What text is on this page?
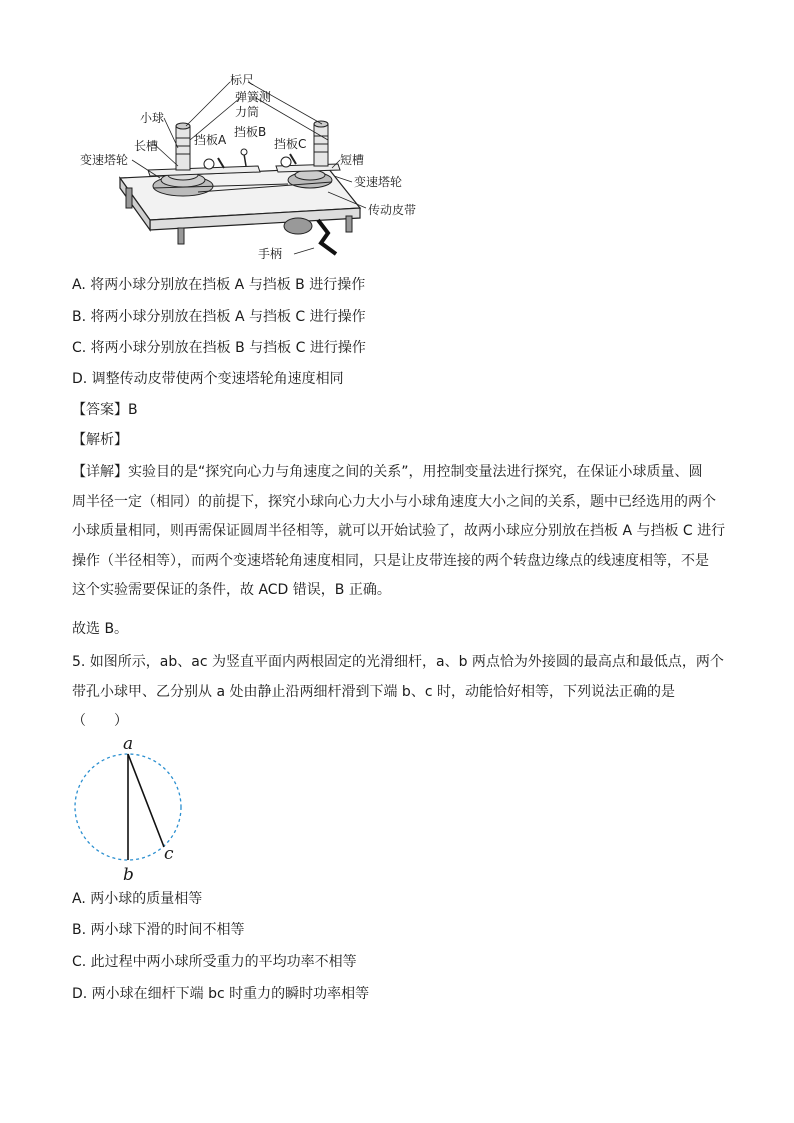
标尺
弹簧测
力筒
小球
挡板A
挡板B
挡板C
长槽
短槽
变速塔轮
变速塔轮
传动皮带
手柄
A. 将两小球分别放在挡板 A 与挡板 B 进行操作
B. 将两小球分别放在挡板 A 与挡板 C 进行操作
C. 将两小球分别放在挡板 B 与挡板 C 进行操作
D. 调整传动皮带使两个变速塔轮角速度相同
【答案】B
【解析】
【详解】实验目的是“探究向心力与角速度之间的关系”，用控制变量法进行探究，在保证小球质量、圆
周半径一定（相同）的前提下，探究小球向心力大小与小球角速度大小之间的关系，题中已经选用的两个
小球质量相同，则再需保证圆周半径相等，就可以开始试验了，故两小球应分别放在挡板 A 与挡板 C 进行
操作（半径相等），而两个变速塔轮角速度相同，只是让皮带连接的两个转盘边缘点的线速度相等，不是
这个实验需要保证的条件，故 ACD 错误，B 正确。
故选 B。
5. 如图所示，ab、ac 为竖直平面内两根固定的光滑细杆，a、b 两点恰为外接圆的最高点和最低点，两个
带孔小球甲、乙分别从 a 处由静止沿两细杆滑到下端 b、c 时，动能恰好相等，下列说法正确的是
（　　）
a
b
c
A. 两小球的质量相等
B. 两小球下滑的时间不相等
C. 此过程中两小球所受重力的平均功率不相等
D. 两小球在细杆下端 bc 时重力的瞬时功率相等
